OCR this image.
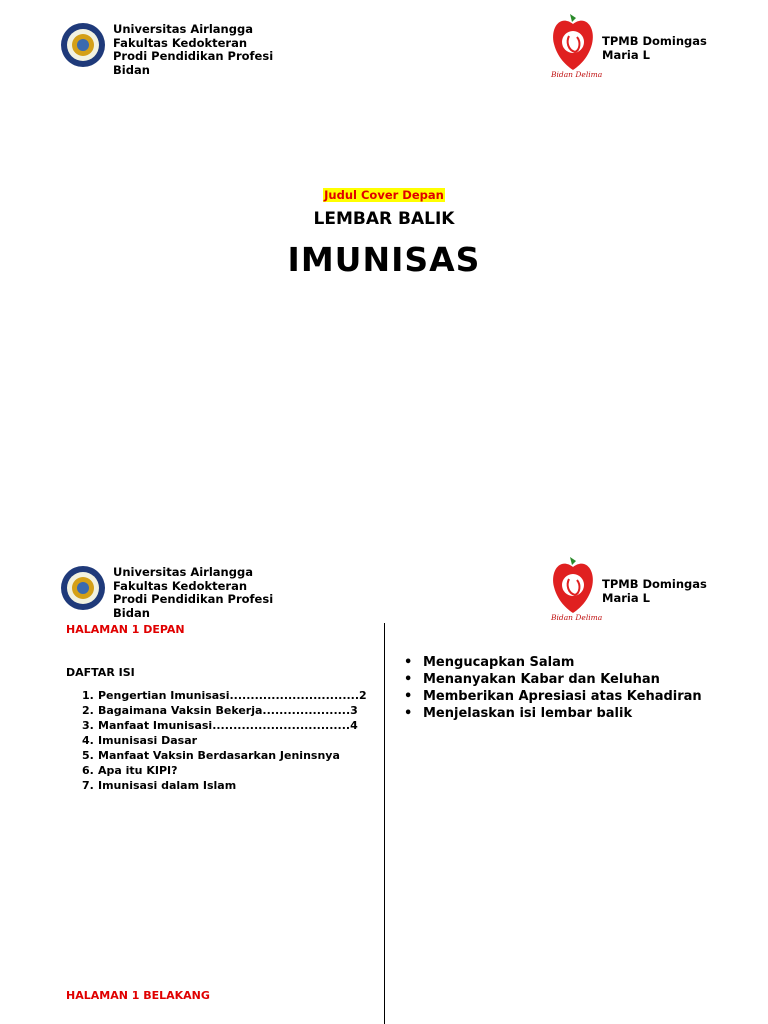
Universitas Airlangga
Fakultas Kedokteran
Prodi Pendidikan Profesi
Bidan	Bidan Delima
TPMB Domingas
Maria L
Judul Cover Depan
LEMBAR BALIK
IMUNISAS
Universitas Airlangga
Fakultas Kedokteran
Prodi Pendidikan Profesi
Bidan	Bidan Delima
TPMB Domingas
Maria L
HALAMAN 1 DEPAN
DAFTAR ISI
1. Pengertian Imunisasi...............................2
2. Bagaimana Vaksin Bekerja.....................3
3. Manfaat Imunisasi.................................4
4. Imunisasi Dasar
5. Manfaat Vaksin Berdasarkan Jeninsnya
6. Apa itu KIPI?
7. Imunisasi dalam Islam
HALAMAN 1 BELAKANG
• Mengucapkan Salam
• Menanyakan Kabar dan Keluhan
• Memberikan Apresiasi atas Kehadiran
• Menjelaskan isi lembar balik
